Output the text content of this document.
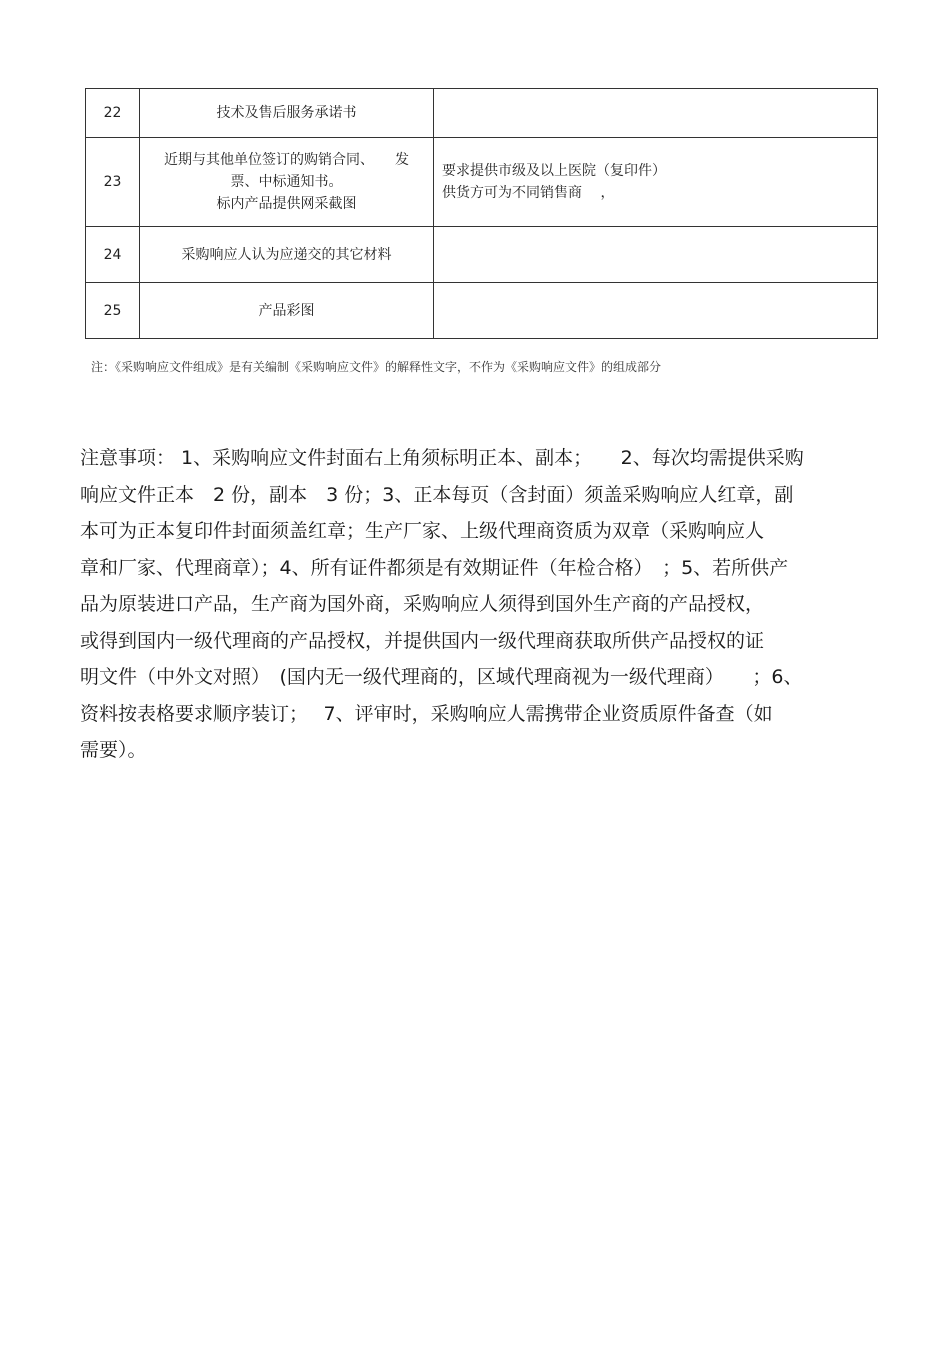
22	技术及售后服务承诺书	

23	近期与其他单位签订的购销合同、　　发
票、中标通知书。
标内产品提供网采截图	要求提供市级及以上医院（复印件）
供货方可为不同销售商　 ，

24	采购响应人认为应递交的其它材料	

25	产品彩图	

注：《采购响应文件组成》是有关编制《采购响应文件》的解释性文字，不作为《采购响应文件》的组成部分

注意事项： 1、采购响应文件封面右上角须标明正本、副本；　　2、每次均需提供采购
响应文件正本　2 份，副本　3 份；3、正本每页（含封面）须盖采购响应人红章，副
本可为正本复印件封面须盖红章；生产厂家、上级代理商资质为双章（采购响应人
章和厂家、代理商章）；4、所有证件都须是有效期证件（年检合格）　；5、若所供产
品为原装进口产品，生产商为国外商，采购响应人须得到国外生产商的产品授权，
或得到国内一级代理商的产品授权，并提供国内一级代理商获取所供产品授权的证
明文件（中外文对照）　(国内无一级代理商的，区域代理商视为一级代理商）　　；6、
资料按表格要求顺序装订；　 7、评审时，采购响应人需携带企业资质原件备查（如
需要）。
